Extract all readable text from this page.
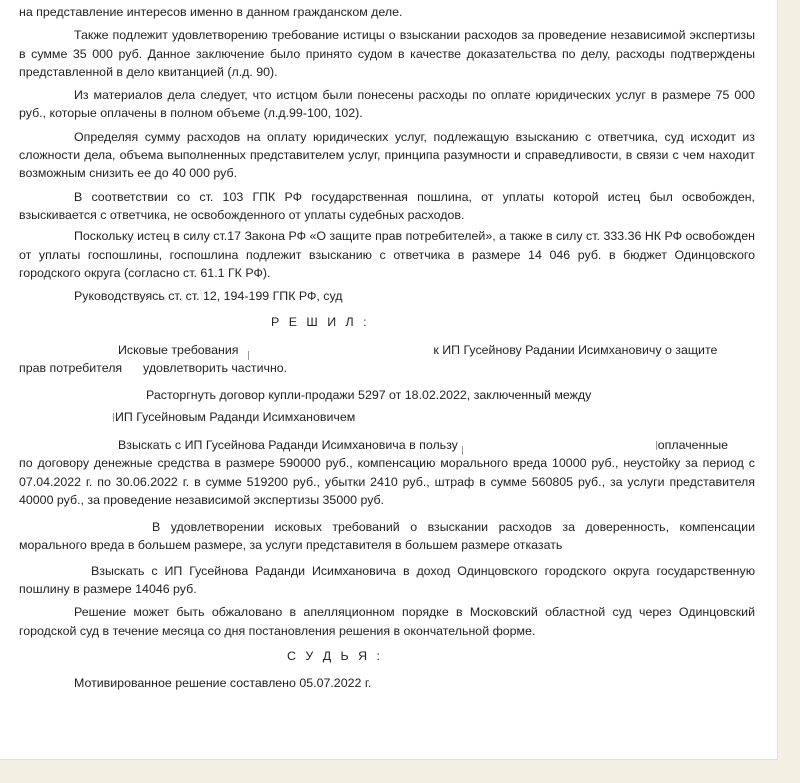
на представление интересов именно в данном гражданском деле.

Также подлежит удовлетворению требование истицы о взыскании расходов за проведение независимой экспертизы в сумме 35 000 руб. Данное заключение было принято судом в качестве доказательства по делу, расходы подтверждены представленной в дело квитанцией (л.д. 90).

Из материалов дела следует, что истцом были понесены расходы по оплате юридических услуг в размере 75 000 руб., которые оплачены в полном объеме (л.д.99-100, 102).

Определяя сумму расходов на оплату юридических услуг, подлежащую взысканию с ответчика, суд исходит из сложности дела, объема выполненных представителем услуг, принципа разумности и справедливости, в связи с чем находит возможным снизить ее до 40 000 руб.

В соответствии со ст. 103 ГПК РФ государственная пошлина, от уплаты которой истец был освобожден, взыскивается с ответчика, не освобожденного от уплаты судебных расходов.

Поскольку истец в силу ст.17 Закона РФ «О защите прав потребителей», а также в силу ст. 333.36 НК РФ освобожден от уплаты госпошлины, госпошлина подлежит взысканию с ответчика в размере 14 046 руб. в бюджет Одинцовского городского округа (согласно ст. 61.1 ГК РФ).

Руководствуясь ст. ст. 12, 194-199 ГПК РФ, суд

Р Е Ш И Л :

Исковые требования	к ИП Гусейнову Радании Исимхановичу о защите

прав потребителя удовлетворить частично.

Расторгнуть договор купли-продажи 5297 от 18.02.2022, заключенный между

ИП Гусейновым Раданди Исимхановичем

Взыскать с ИП Гусейнова Раданди Исимхановича в пользу	оплаченные

по договору денежные средства в размере 590000 руб., компенсацию морального вреда 10000 руб., неустойку за период с 07.04.2022 г. по 30.06.2022 г. в сумме 519200 руб., убытки 2410 руб., штраф в сумме 560805 руб., за услуги представителя 40000 руб., за проведение независимой экспертизы 35000 руб.

В удовлетворении исковых требований о взыскании расходов за доверенность, компенсации морального вреда в большем размере, за услуги представителя в большем размере отказать

Взыскать с ИП Гусейнова Раданди Исимхановича в доход Одинцовского городского округа государственную пошлину в размере 14046 руб.

Решение может быть обжаловано в апелляционном порядке в Московский областной суд через Одинцовский городской суд в течение месяца со дня постановления решения в окончательной форме.

С У Д Ь Я :

Мотивированное решение составлено 05.07.2022 г.
